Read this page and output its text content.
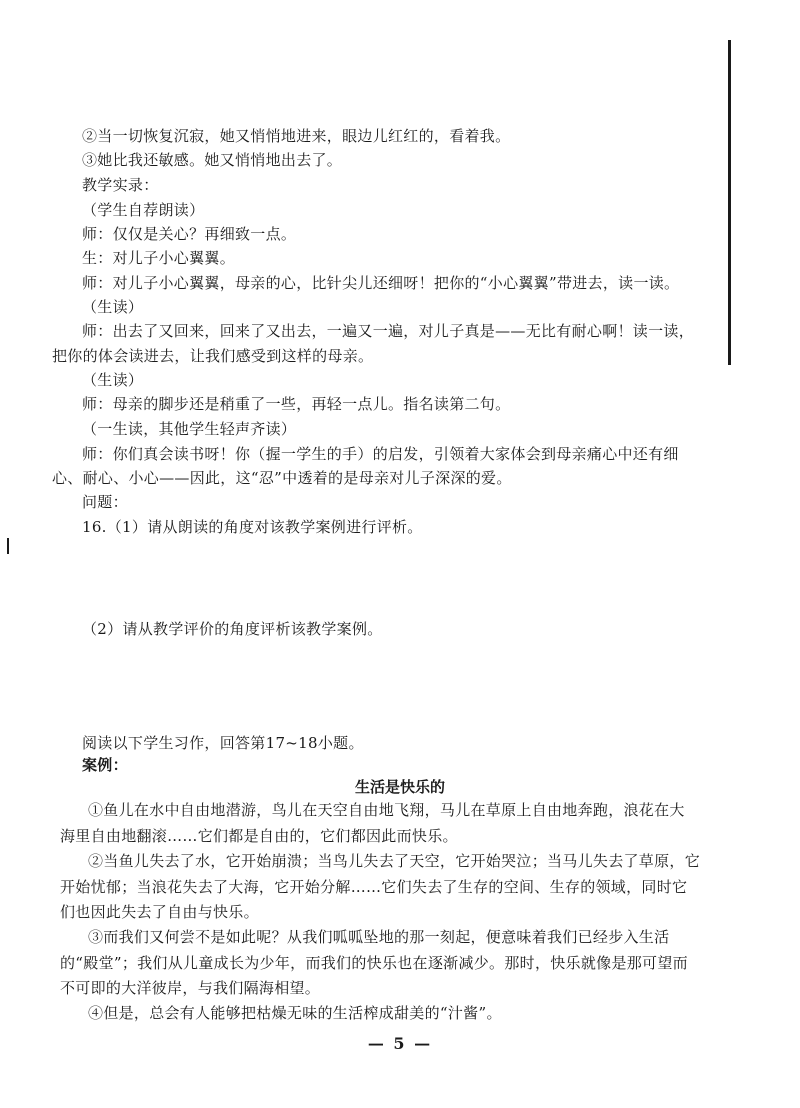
②当一切恢复沉寂，她又悄悄地进来，眼边儿红红的，看着我。
③她比我还敏感。她又悄悄地出去了。
教学实录：
（学生自荐朗读）
师：仅仅是关心？再细致一点。
生：对儿子小心翼翼。
师：对儿子小心翼翼，母亲的心，比针尖儿还细呀！把你的“小心翼翼”带进去，读一读。
（生读）
师：出去了又回来，回来了又出去，一遍又一遍，对儿子真是——无比有耐心啊！读一读，
把你的体会读进去，让我们感受到这样的母亲。
（生读）
师：母亲的脚步还是稍重了一些，再轻一点儿。指名读第二句。
（一生读，其他学生轻声齐读）
师：你们真会读书呀！你（握一学生的手）的启发，引领着大家体会到母亲痛心中还有细
心、耐心、小心——因此，这“忍”中透着的是母亲对儿子深深的爱。
问题：
16.（1）请从朗读的角度对该教学案例进行评析。
（2）请从教学评价的角度评析该教学案例。
阅读以下学生习作，回答第17~18小题。
案例：
生活是快乐的
①鱼儿在水中自由地潜游，鸟儿在天空自由地飞翔，马儿在草原上自由地奔跑，浪花在大
海里自由地翻滚……它们都是自由的，它们都因此而快乐。
②当鱼儿失去了水，它开始崩溃；当鸟儿失去了天空，它开始哭泣；当马儿失去了草原，它
开始忧郁；当浪花失去了大海，它开始分解……它们失去了生存的空间、生存的领域，同时它
们也因此失去了自由与快乐。
③而我们又何尝不是如此呢？从我们呱呱坠地的那一刻起，便意味着我们已经步入生活
的“殿堂”；我们从儿童成长为少年，而我们的快乐也在逐渐减少。那时，快乐就像是那可望而
不可即的大洋彼岸，与我们隔海相望。
④但是，总会有人能够把枯燥无味的生活榨成甜美的“汁酱”。
— 5 —
